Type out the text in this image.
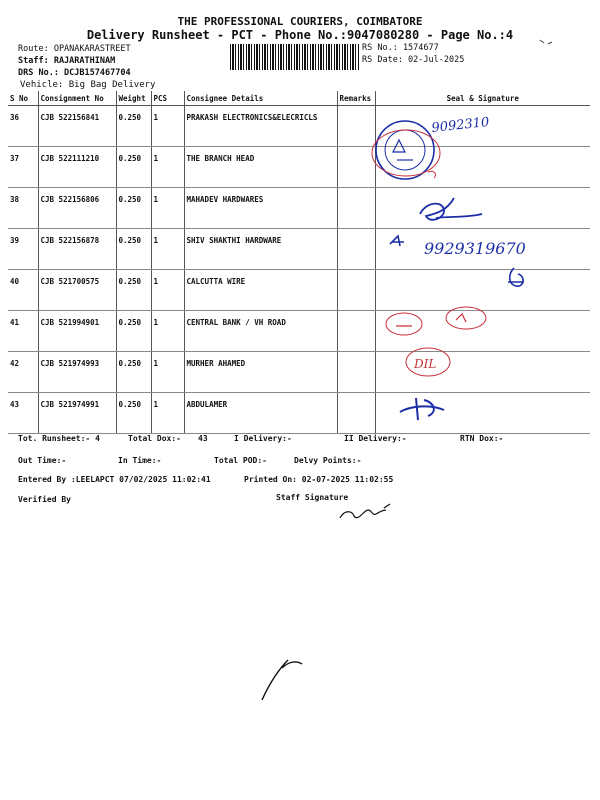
THE PROFESSIONAL COURIERS, COIMBATORE
Delivery Runsheet - PCT - Phone No.:9047080280 - Page No.:4
Route: OPANAKARASTREET
Staff: RAJARATHINAM
DRS No.: DCJB157467704
Vehicle: Big Bag Delivery
RS No.: 1574677
RS Date: 02-Jul-2025
S No	Consignment No	Weight	PCS	Consignee Details	Remarks	Seal & Signature
36	CJB 522156841	0.250	1	PRAKASH ELECTRONICS&ELECRICLS		
37	CJB 522111210	0.250	1	THE BRANCH HEAD		
38	CJB 522156806	0.250	1	MAHADEV HARDWARES		
39	CJB 522156878	0.250	1	SHIV SHAKTHI HARDWARE		
40	CJB 521700575	0.250	1	CALCUTTA WIRE		
41	CJB 521994901	0.250	1	CENTRAL BANK / VH ROAD		
42	CJB 521974993	0.250	1	MURHER AHAMED		
43	CJB 521974991	0.250	1	ABDULAMER		
Tot. Runsheet:- 4	Total Dox:- 43	I Delivery:-	II Delivery:-	RTN Dox:-
Out Time:-	In Time:-	Total POD:-	Delvy Points:-
Entered By :LEELAPCT 07/02/2025 11:02:41	Printed On: 02-07-2025 11:02:55
Verified By	Staff Signature
9092310
9929319670
DIL
